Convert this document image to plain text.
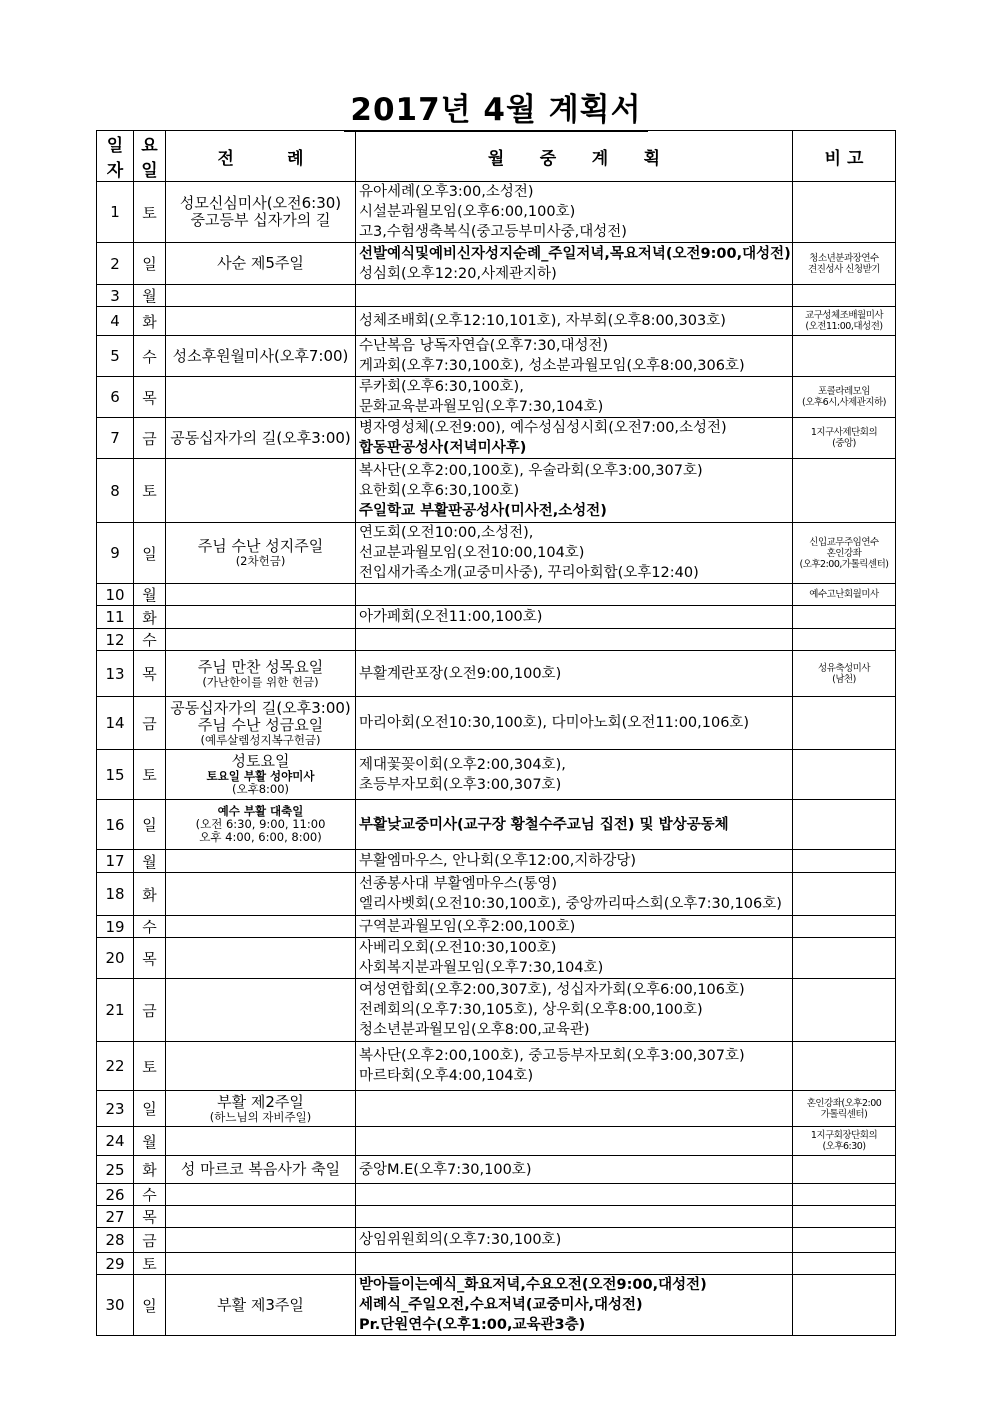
2017년 4월 계획서
일자	요일	전         례	월      중      계      획	비 고
1	토	성모신심미사(오전6:30)
중고등부 십자가의 길	유아세례(오후3:00,소성전)
시설분과월모임(오후6:00,100호)
고3,수험생축복식(중고등부미사중,대성전)	

2	일	사순 제5주일	선발예식및예비신자성지순례_주일저녁,목요저녁(오전9:00,대성전)
성심회(오후12:20,사제관지하)	청소년분과장연수
견진성사 신청받기

3	월			
4	화		성체조배회(오후12:10,101호), 자부회(오후8:00,303호)	교구성체조배월미사
(오전11:00,대성전)

5	수	성소후원월미사(오후7:00)	수난복음 낭독자연습(오후7:30,대성전)
게과회(오후7:30,100호), 성소분과월모임(오후8:00,306호)	

6	목		루카회(오후6:30,100호),
문화교육분과월모임(오후7:30,104호)	포콜라레모임
(오후6시,사제관지하)

7	금	공동십자가의 길(오후3:00)	병자영성체(오전9:00), 예수성심성시회(오전7:00,소성전)
합동판공성사(저녁미사후)	1지구사제단회의
(중앙)

8	토		복사단(오후2:00,100호), 우술라회(오후3:00,307호)
요한회(오후6:30,100호)
주일학교 부활판공성사(미사전,소성전)	

9	일	주님 수난 성지주일
(2차헌금)	연도회(오전10:00,소성전),
선교분과월모임(오전10:00,104호)
전입새가족소개(교중미사중), 꾸리아회합(오후12:40)	신입교무주임연수
혼인강좌
(오후2:00,가톨릭센터)

10	월			예수고난회월미사

11	화		아가페회(오전11:00,100호)	

12	수			
13	목	주님 만찬 성목요일
(가난한이를 위한 헌금)	부활계란포장(오전9:00,100호)	성유축성미사
(남천)

14	금	공동십자가의 길(오후3:00)
주님 수난 성금요일
(예루살렘성지복구헌금)	마리아회(오전10:30,100호), 다미아노회(오전11:00,106호)	

15	토	성토요일
토요일 부활 성야미사
(오후8:00)	제대꽃꽂이회(오후2:00,304호),
초등부자모회(오후3:00,307호)	

16	일	예수 부활 대축일
(오전 6:30, 9:00, 11:00
오후 4:00, 6:00, 8:00)	부활낮교중미사(교구장 황철수주교님 집전) 및 밥상공동체	

17	월		부활엠마우스, 안나회(오후12:00,지하강당)	

18	화		선종봉사대 부활엠마우스(통영)
엘리사벳회(오전10:30,100호), 중앙까리따스회(오후7:30,106호)	

19	수		구역분과월모임(오후2:00,100호)	

20	목		사베리오회(오전10:30,100호)
사회복지분과월모임(오후7:30,104호)	

21	금		여성연합회(오후2:00,307호), 성십자가회(오후6:00,106호)
전례회의(오후7:30,105호), 상우회(오후8:00,100호)
청소년분과월모임(오후8:00,교육관)	

22	토		복사단(오후2:00,100호), 중고등부자모회(오후3:00,307호)
마르타회(오후4:00,104호)	

23	일	부활 제2주일
(하느님의 자비주일)		혼인강좌(오후2:00
가톨릭센터)

24	월			1지구회장단회의
(오후6:30)

25	화	성 마르코 복음사가 축일	중앙M.E(오후7:30,100호)	

26	수			
27	목			
28	금		상임위원회의(오후7:30,100호)	

29	토			
30	일	부활 제3주일	받아들이는예식_화요저녁,수요오전(오전9:00,대성전)
세례식_주일오전,수요저녁(교중미사,대성전)
Pr.단원연수(오후1:00,교육관3층)	
